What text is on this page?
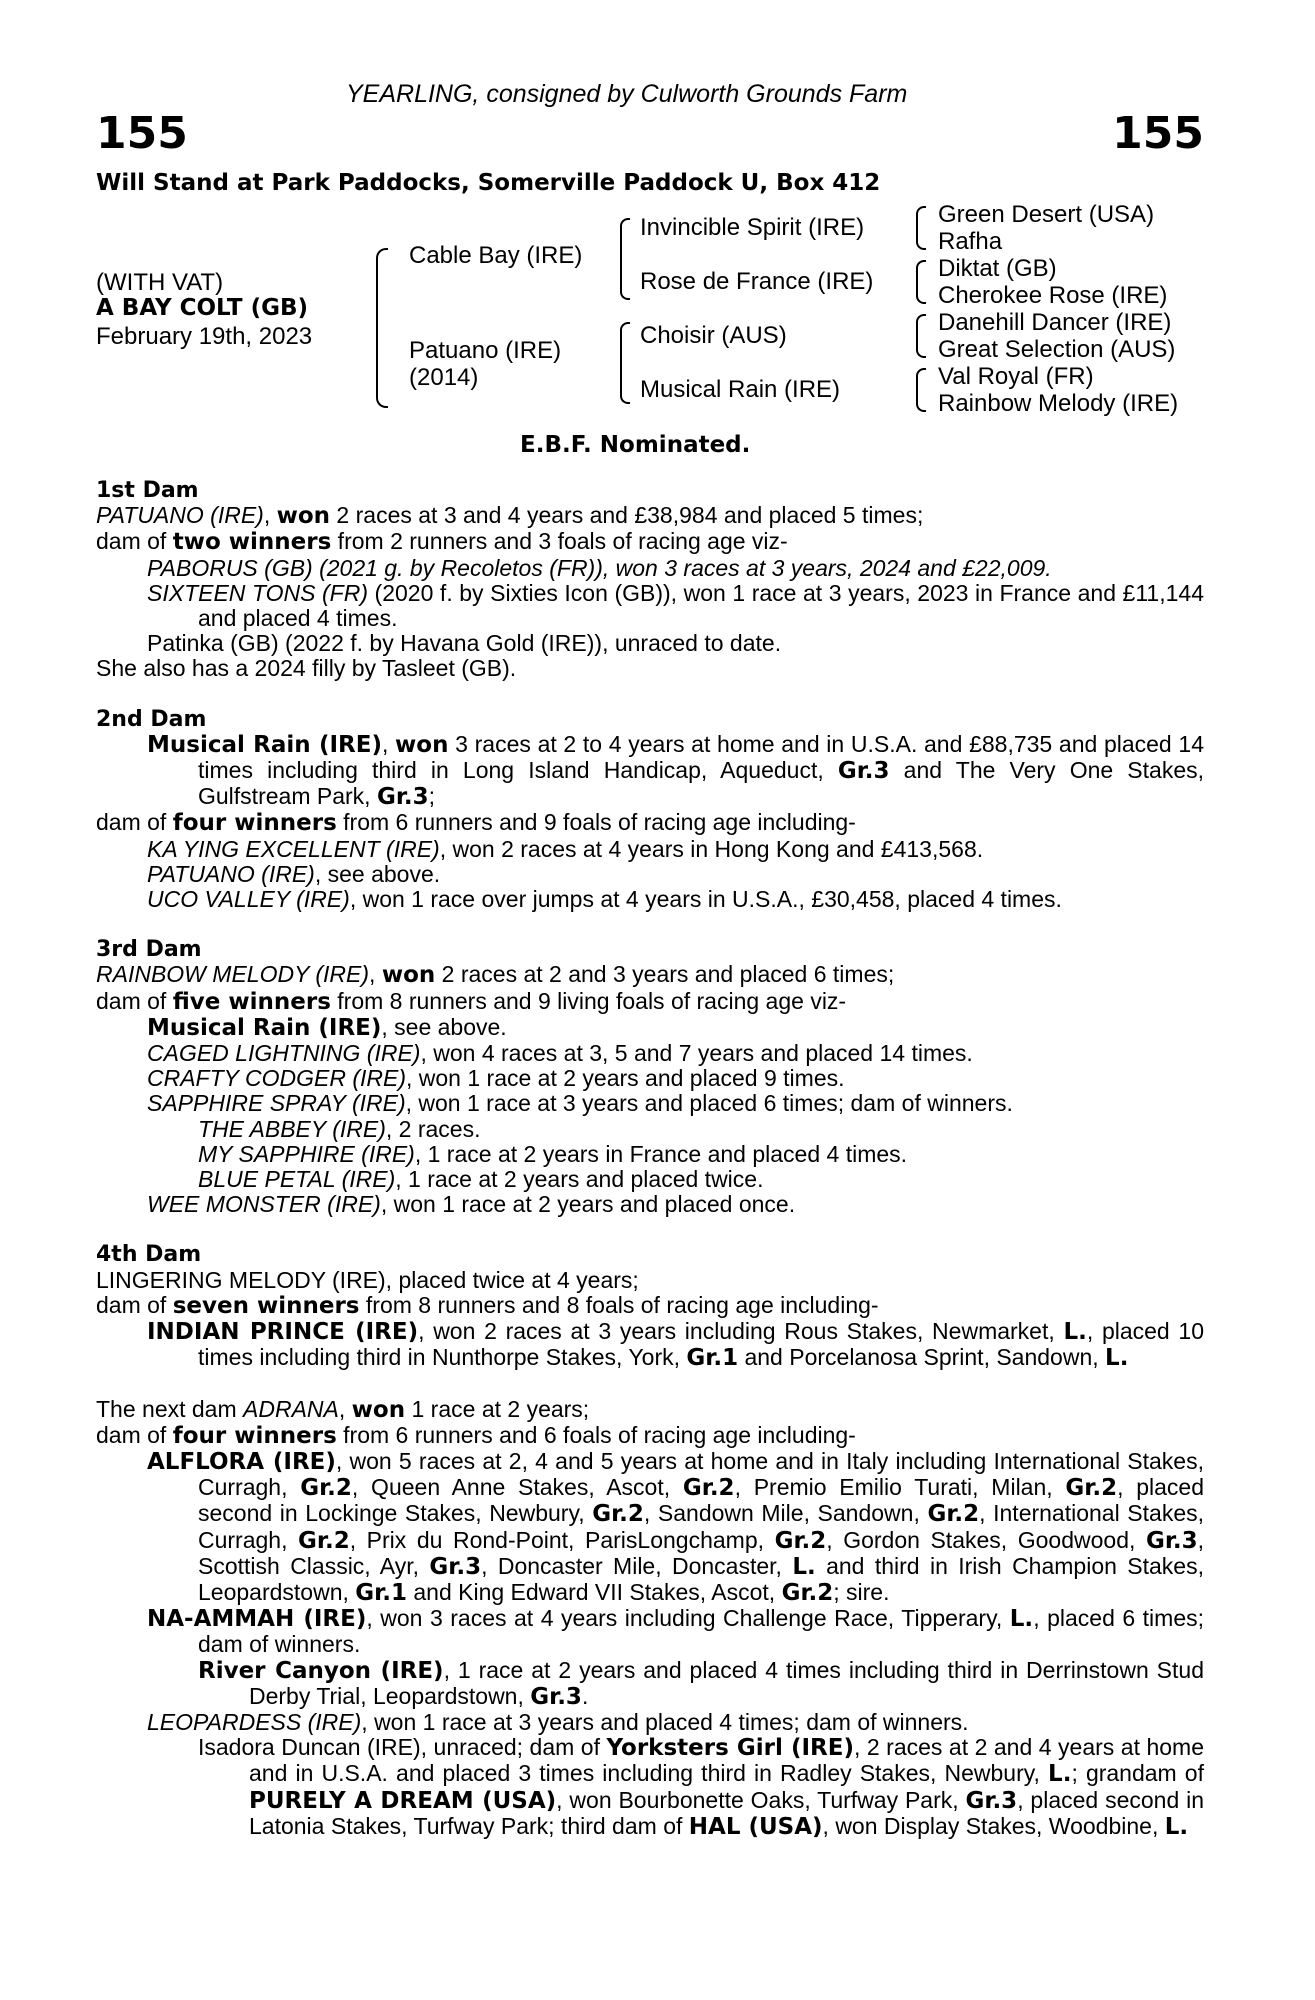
YEARLING, consigned by Culworth Grounds Farm
155	155
Will Stand at Park Paddocks, Somerville Paddock U, Box 412
(WITH VAT)
A BAY COLT (GB)
February 19th, 2023
Cable Bay (IRE)
Patuano (IRE)
(2014)
Invincible Spirit (IRE)
Rose de France (IRE)
Choisir (AUS)
Musical Rain (IRE)
Green Desert (USA)
Rafha
Diktat (GB)
Cherokee Rose (IRE)
Danehill Dancer (IRE)
Great Selection (AUS)
Val Royal (FR)
Rainbow Melody (IRE)
E.B.F. Nominated.
1st Dam
PATUANO (IRE), won 2 races at 3 and 4 years and £38,984 and placed 5 times;
dam of two winners from 2 runners and 3 foals of racing age viz-
PABORUS (GB) (2021 g. by Recoletos (FR)), won 3 races at 3 years, 2024 and £22,009.
SIXTEEN TONS (FR) (2020 f. by Sixties Icon (GB)), won 1 race at 3 years, 2023 in France and £11,144 and placed 4 times.
Patinka (GB) (2022 f. by Havana Gold (IRE)), unraced to date.
She also has a 2024 filly by Tasleet (GB).
2nd Dam
Musical Rain (IRE), won 3 races at 2 to 4 years at home and in U.S.A. and £88,735 and placed 14 times including third in Long Island Handicap, Aqueduct, Gr.3 and The Very One Stakes, Gulfstream Park, Gr.3;
dam of four winners from 6 runners and 9 foals of racing age including-
KA YING EXCELLENT (IRE), won 2 races at 4 years in Hong Kong and £413,568.
PATUANO (IRE), see above.
UCO VALLEY (IRE), won 1 race over jumps at 4 years in U.S.A., £30,458, placed 4 times.
3rd Dam
RAINBOW MELODY (IRE), won 2 races at 2 and 3 years and placed 6 times;
dam of five winners from 8 runners and 9 living foals of racing age viz-
Musical Rain (IRE), see above.
CAGED LIGHTNING (IRE), won 4 races at 3, 5 and 7 years and placed 14 times.
CRAFTY CODGER (IRE), won 1 race at 2 years and placed 9 times.
SAPPHIRE SPRAY (IRE), won 1 race at 3 years and placed 6 times; dam of winners.
THE ABBEY (IRE), 2 races.
MY SAPPHIRE (IRE), 1 race at 2 years in France and placed 4 times.
BLUE PETAL (IRE), 1 race at 2 years and placed twice.
WEE MONSTER (IRE), won 1 race at 2 years and placed once.
4th Dam
LINGERING MELODY (IRE), placed twice at 4 years;
dam of seven winners from 8 runners and 8 foals of racing age including-
INDIAN PRINCE (IRE), won 2 races at 3 years including Rous Stakes, Newmarket, L., placed 10 times including third in Nunthorpe Stakes, York, Gr.1 and Porcelanosa Sprint, Sandown, L.
The next dam ADRANA, won 1 race at 2 years;
dam of four winners from 6 runners and 6 foals of racing age including-
ALFLORA (IRE), won 5 races at 2, 4 and 5 years at home and in Italy including International Stakes, Curragh, Gr.2, Queen Anne Stakes, Ascot, Gr.2, Premio Emilio Turati, Milan, Gr.2, placed second in Lockinge Stakes, Newbury, Gr.2, Sandown Mile, Sandown, Gr.2, International Stakes, Curragh, Gr.2, Prix du Rond-Point, ParisLongchamp, Gr.2, Gordon Stakes, Goodwood, Gr.3, Scottish Classic, Ayr, Gr.3, Doncaster Mile, Doncaster, L. and third in Irish Champion Stakes, Leopardstown, Gr.1 and King Edward VII Stakes, Ascot, Gr.2; sire.
NA-AMMAH (IRE), won 3 races at 4 years including Challenge Race, Tipperary, L., placed 6 times; dam of winners.
River Canyon (IRE), 1 race at 2 years and placed 4 times including third in Derrinstown Stud Derby Trial, Leopardstown, Gr.3.
LEOPARDESS (IRE), won 1 race at 3 years and placed 4 times; dam of winners.
Isadora Duncan (IRE), unraced; dam of Yorksters Girl (IRE), 2 races at 2 and 4 years at home and in U.S.A. and placed 3 times including third in Radley Stakes, Newbury, L.; grandam of PURELY A DREAM (USA), won Bourbonette Oaks, Turfway Park, Gr.3, placed second in Latonia Stakes, Turfway Park; third dam of HAL (USA), won Display Stakes, Woodbine, L.
